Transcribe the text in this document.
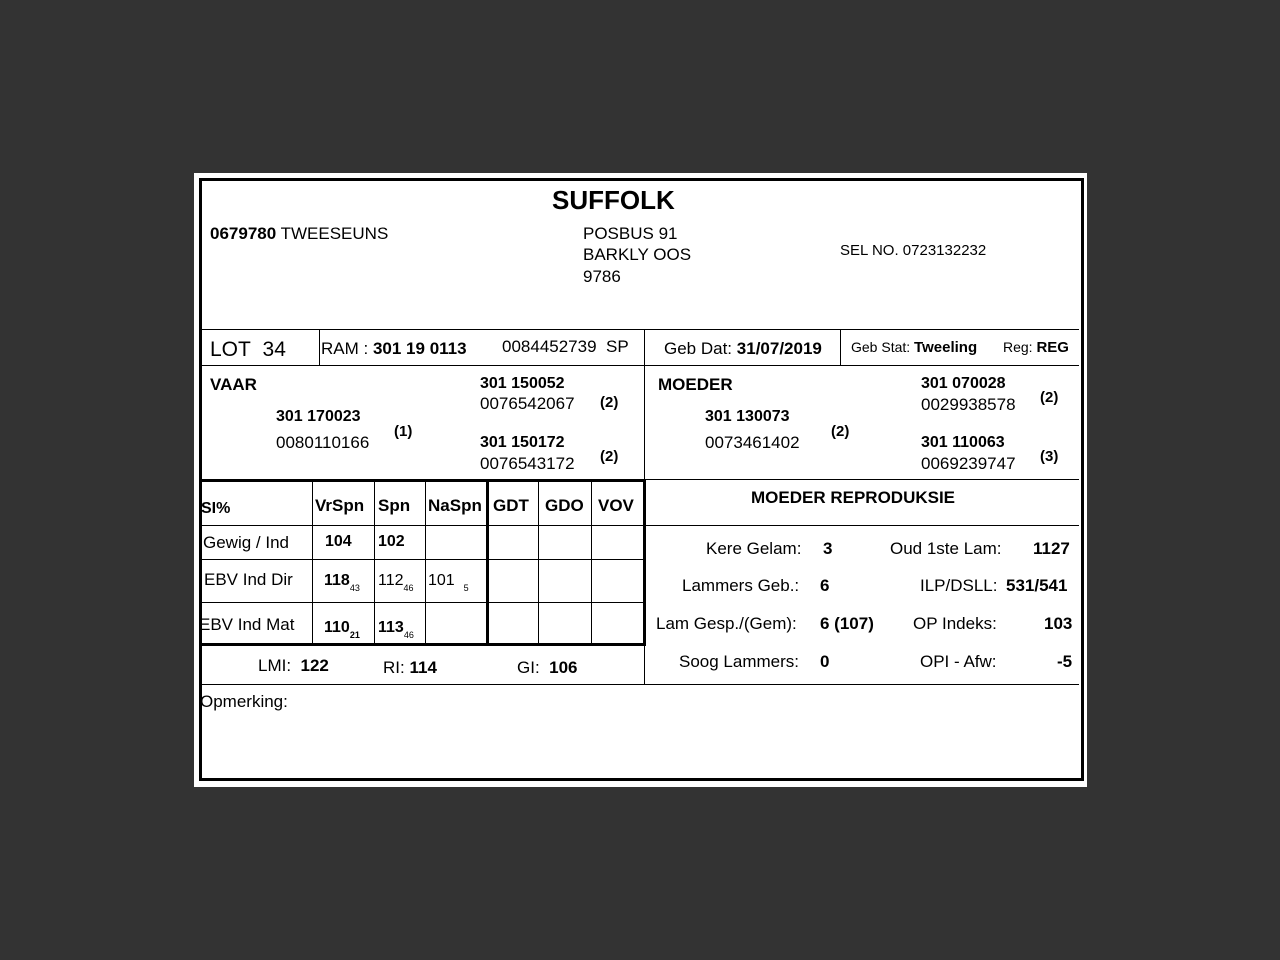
SUFFOLK
0679780 TWEESEUNS	POSBUS 91
BARKLY OOS
9786
SEL NO. 0723132232
LOT 34 RAM : 301 19 0113 0084452739 SP Geb Dat: 31/07/2019 Geb Stat: Tweeling Reg: REG
VAAR
301 170023
0080110166
(1)
301 150052
0076542067 (2)
301 150172
0076543172 (2)
MOEDER
301 130073
0073461402
(2)
301 070028
0029938578 (2)
301 110063
0069239747 (3)
SI%	VrSpn Spn NaSpn GDT GDO VOV
Gewig / Ind 104 102
EBV Ind Dir $118_{43}$ $112_{46}$ 101 $_5$
EBV Ind Mat $110_{21}$ $113_{46}$
LMI: 122	RI: 114	GI: 106
MOEDER REPRODUKSIE
Kere Gelam: 3	Oud 1ste Lam: 1127
Lammers Geb.: 6	ILP/DSLL: 531/541
Lam Gesp./(Gem): 6 (107) OP Indeks:	103
Soog Lammers: 0	OPI - Afw:	-5
Opmerking:
